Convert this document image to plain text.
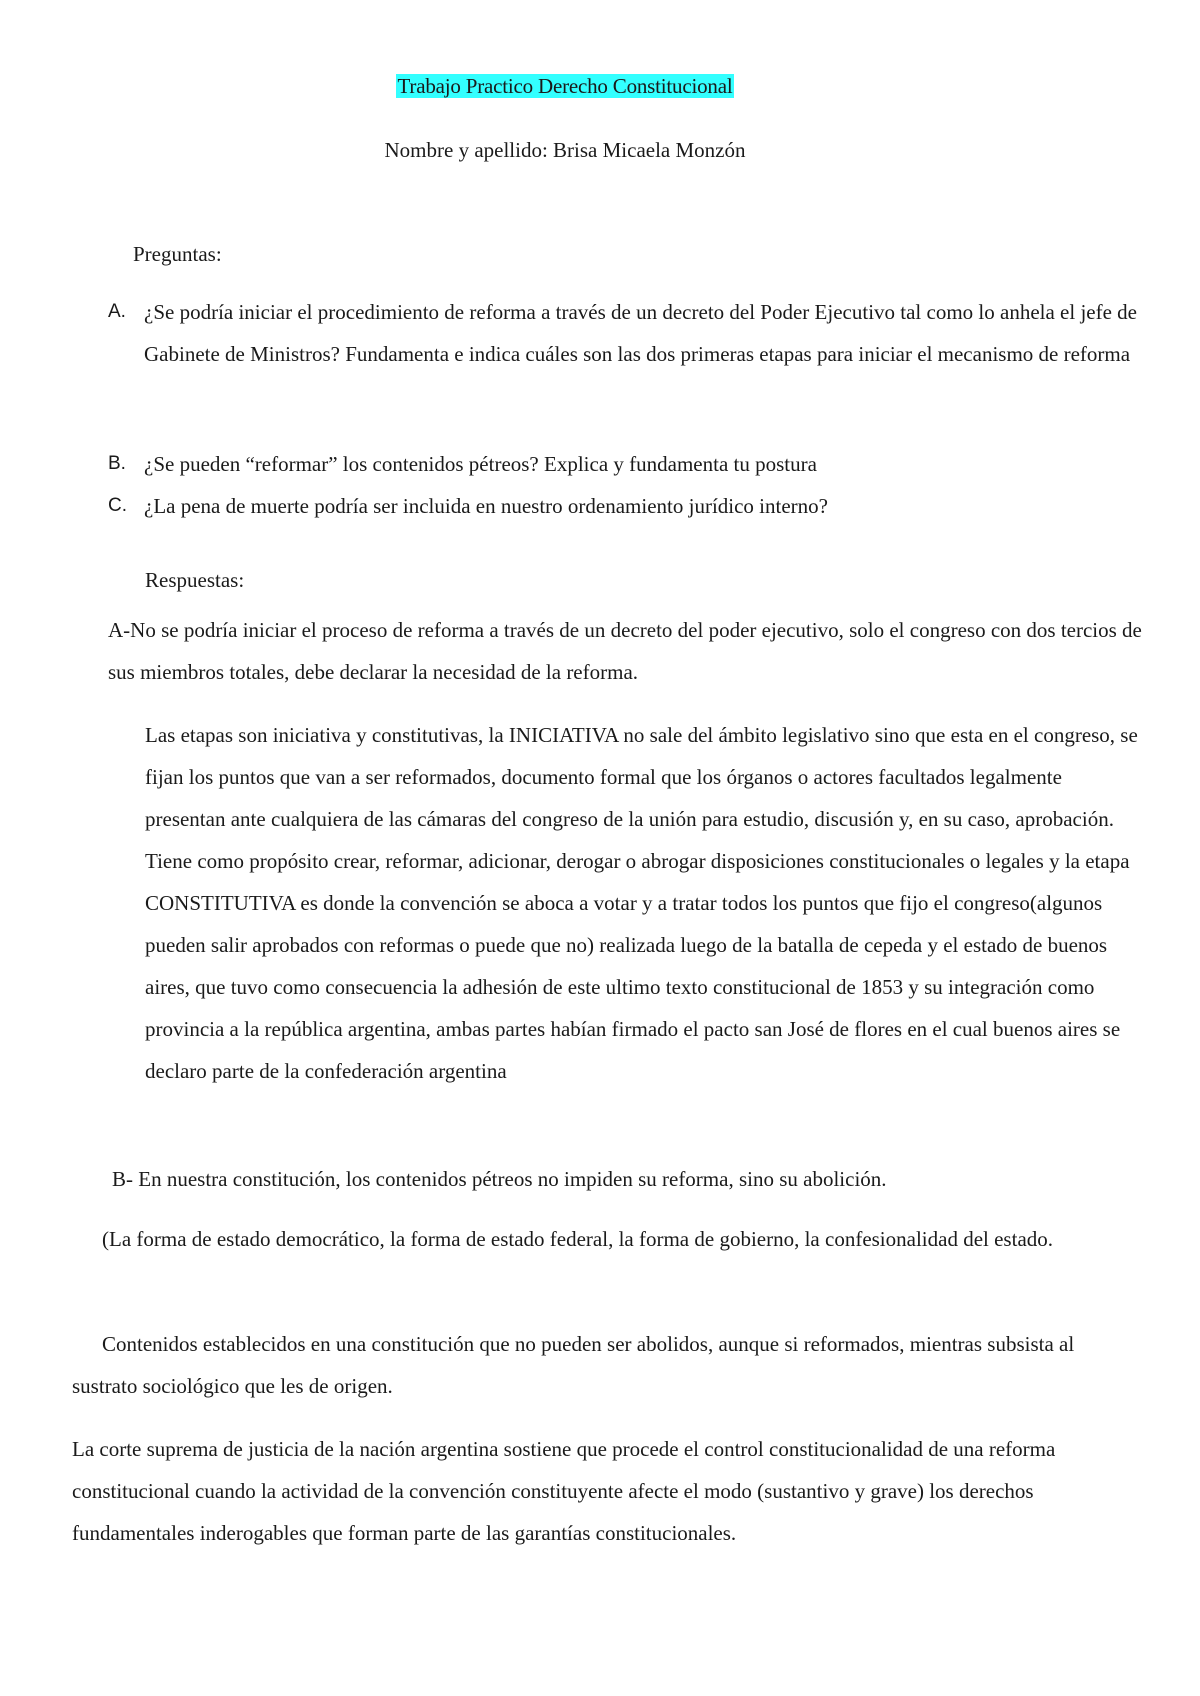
Trabajo Practico Derecho Constitucional
Nombre y apellido: Brisa Micaela Monzón
Preguntas:
A. ¿Se podría iniciar el procedimiento de reforma a través de un decreto del Poder Ejecutivo tal como lo anhela el jefe de Gabinete de Ministros? Fundamenta e indica cuáles son las dos primeras etapas para iniciar el mecanismo de reforma
B. ¿Se pueden “reformar” los contenidos pétreos? Explica y fundamenta tu postura
C. ¿La pena de muerte podría ser incluida en nuestro ordenamiento jurídico interno?
Respuestas:
A-No se podría iniciar el proceso de reforma a través de un decreto del poder ejecutivo, solo el congreso con dos tercios de sus miembros totales, debe declarar la necesidad de la reforma.
Las etapas son iniciativa y constitutivas, la INICIATIVA no sale del ámbito legislativo sino que esta en el congreso, se fijan los puntos que van a ser reformados, documento formal que los órganos o actores facultados legalmente presentan ante cualquiera de las cámaras del congreso de la unión para estudio, discusión y, en su caso, aprobación. Tiene como propósito crear, reformar, adicionar, derogar o abrogar disposiciones constitucionales o legales y la etapa CONSTITUTIVA es donde la convención se aboca a votar y a tratar todos los puntos que fijo el congreso(algunos pueden salir aprobados con reformas o puede que no) realizada luego de la batalla de cepeda y el estado de buenos aires, que tuvo como consecuencia la adhesión de este ultimo texto constitucional de 1853 y su integración como provincia a la república argentina, ambas partes habían firmado el pacto san José de flores en el cual buenos aires se declaro parte de la confederación argentina
B- En nuestra constitución, los contenidos pétreos no impiden su reforma, sino su abolición.
(La forma de estado democrático, la forma de estado federal, la forma de gobierno, la confesionalidad del estado.
Contenidos establecidos en una constitución que no pueden ser abolidos, aunque si reformados, mientras subsista al sustrato sociológico que les de origen.
La corte suprema de justicia de la nación argentina sostiene que procede el control constitucionalidad de una reforma constitucional cuando la actividad de la convención constituyente afecte el modo (sustantivo y grave) los derechos fundamentales inderogables que forman parte de las garantías constitucionales.
